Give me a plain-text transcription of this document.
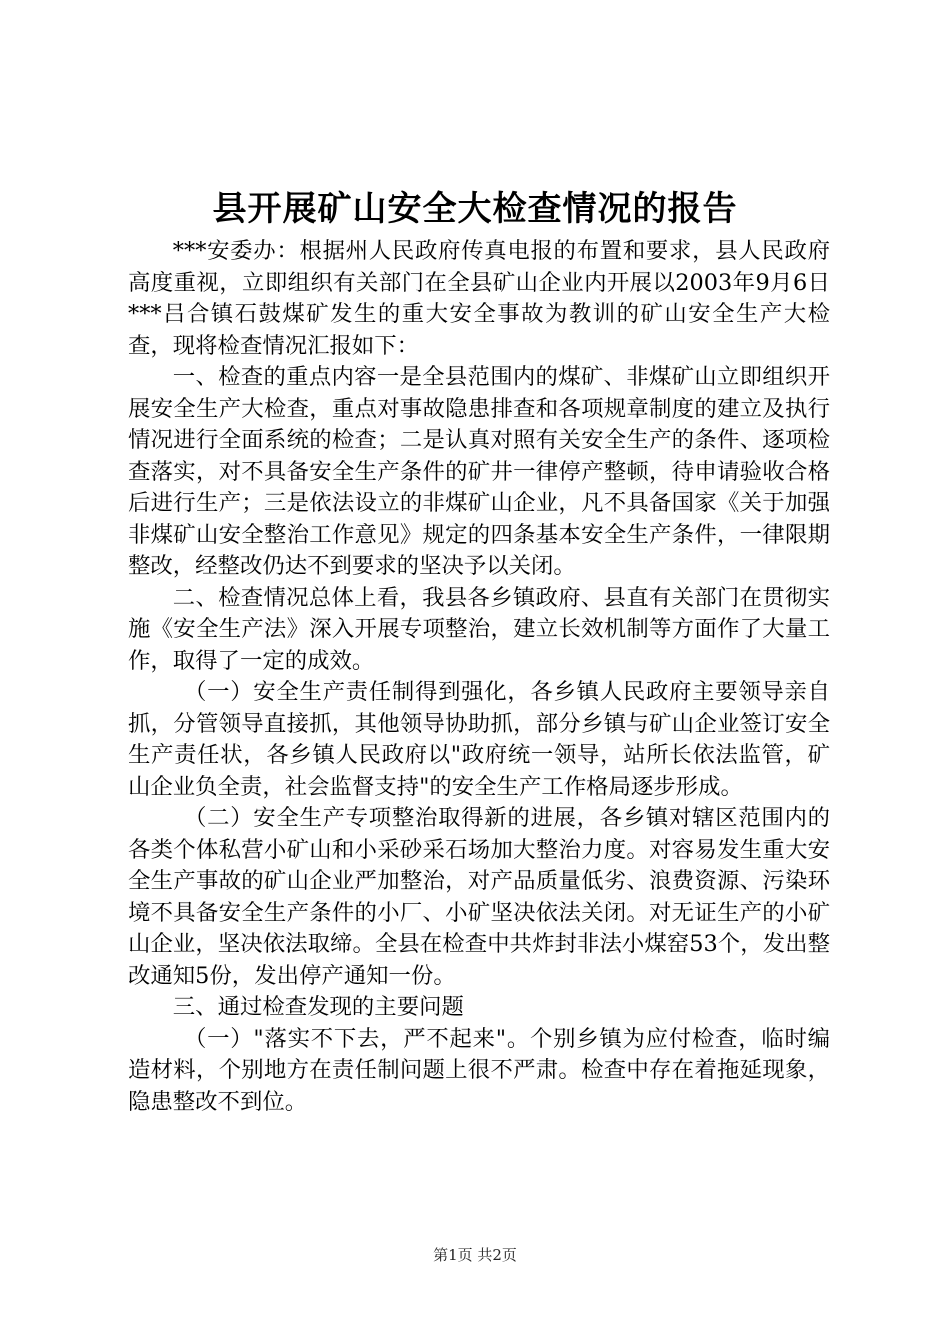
县开展矿山安全大检查情况的报告

***安委办：根据州人民政府传真电报的布置和要求，县人民政府高度重视，立即组织有关部门在全县矿山企业内开展以2003年9月6日***吕合镇石鼓煤矿发生的重大安全事故为教训的矿山安全生产大检查，现将检查情况汇报如下：

一、检查的重点内容一是全县范围内的煤矿、非煤矿山立即组织开展安全生产大检查，重点对事故隐患排查和各项规章制度的建立及执行情况进行全面系统的检查；二是认真对照有关安全生产的条件、逐项检查落实，对不具备安全生产条件的矿井一律停产整顿，待申请验收合格后进行生产；三是依法设立的非煤矿山企业，凡不具备国家《关于加强非煤矿山安全整治工作意见》规定的四条基本安全生产条件，一律限期整改，经整改仍达不到要求的坚决予以关闭。

二、检查情况总体上看，我县各乡镇政府、县直有关部门在贯彻实施《安全生产法》深入开展专项整治，建立长效机制等方面作了大量工作，取得了一定的成效。

（一）安全生产责任制得到强化，各乡镇人民政府主要领导亲自抓，分管领导直接抓，其他领导协助抓，部分乡镇与矿山企业签订安全生产责任状，各乡镇人民政府以"政府统一领导，站所长依法监管，矿山企业负全责，社会监督支持"的安全生产工作格局逐步形成。

（二）安全生产专项整治取得新的进展，各乡镇对辖区范围内的各类个体私营小矿山和小采砂采石场加大整治力度。对容易发生重大安全生产事故的矿山企业严加整治，对产品质量低劣、浪费资源、污染环境不具备安全生产条件的小厂、小矿坚决依法关闭。对无证生产的小矿山企业，坚决依法取缔。全县在检查中共炸封非法小煤窑53个，发出整改通知5份，发出停产通知一份。

三、通过检查发现的主要问题

（一）"落实不下去，严不起来"。个别乡镇为应付检查，临时编造材料，个别地方在责任制问题上很不严肃。检查中存在着拖延现象，隐患整改不到位。

第1页 共2页
